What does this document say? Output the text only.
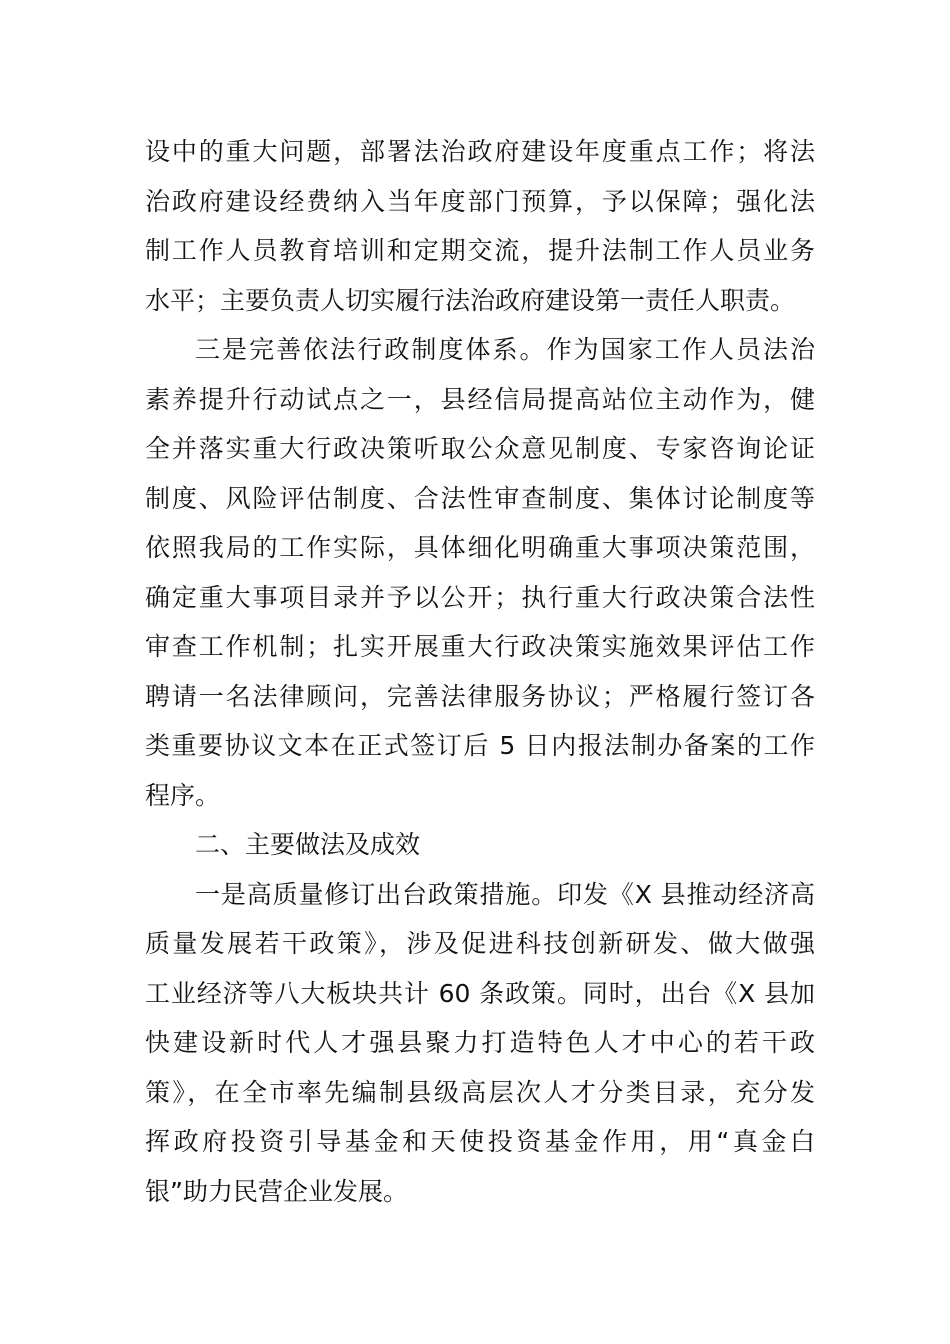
设中的重大问题，部署法治政府建设年度重点工作；将法
治政府建设经费纳入当年度部门预算，予以保障；强化法
制工作人员教育培训和定期交流，提升法制工作人员业务
水平；主要负责人切实履行法治政府建设第一责任人职责。
三是完善依法行政制度体系。作为国家工作人员法治
素养提升行动试点之一，县经信局提高站位主动作为，健
全并落实重大行政决策听取公众意见制度、专家咨询论证
制度、风险评估制度、合法性审查制度、集体讨论制度等
依照我局的工作实际，具体细化明确重大事项决策范围，
确定重大事项目录并予以公开；执行重大行政决策合法性
审查工作机制；扎实开展重大行政决策实施效果评估工作
聘请一名法律顾问，完善法律服务协议；严格履行签订各
类重要协议文本在正式签订后 5 日内报法制办备案的工作
程序。
二、主要做法及成效
一是高质量修订出台政策措施。印发《X 县推动经济高
质量发展若干政策》，涉及促进科技创新研发、做大做强
工业经济等八大板块共计 60 条政策。同时，出台《X 县加
快建设新时代人才强县聚力打造特色人才中心的若干政
策》，在全市率先编制县级高层次人才分类目录，充分发
挥政府投资引导基金和天使投资基金作用，用“真金白
银”助力民营企业发展。
